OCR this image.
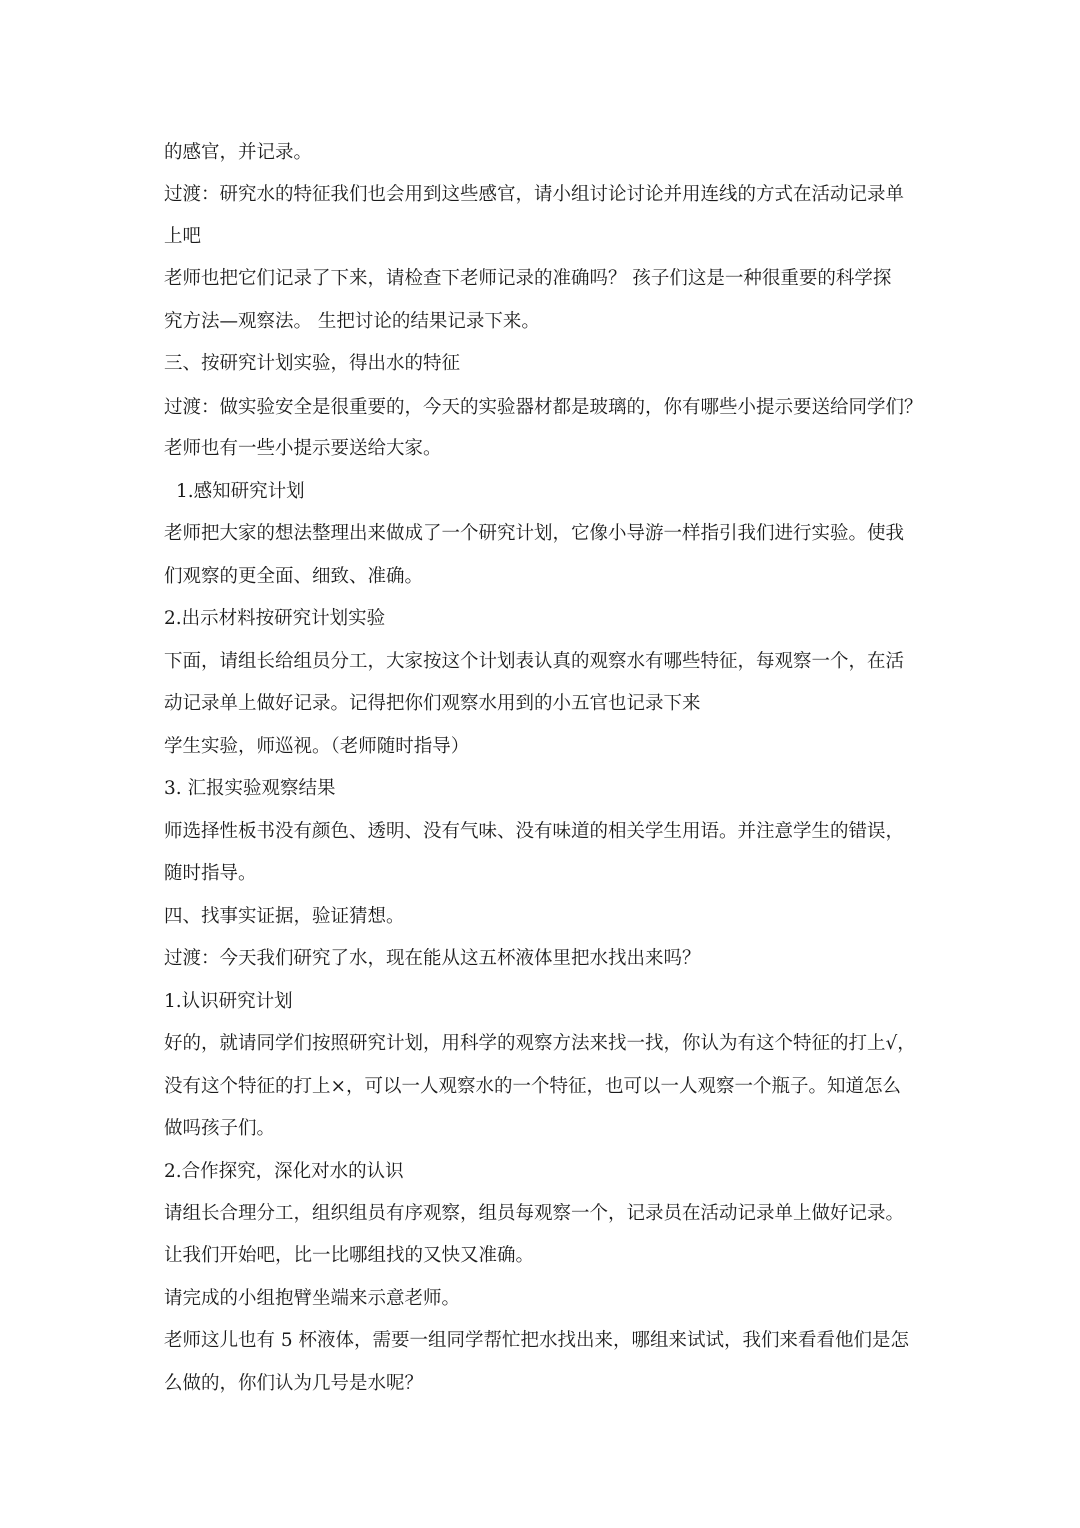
的感官，并记录。
过渡：研究水的特征我们也会用到这些感官，请小组讨论讨论并用连线的方式在活动记录单
上吧
老师也把它们记录了下来，请检查下老师记录的准确吗？ 孩子们这是一种很重要的科学探
究方法—观察法。 生把讨论的结果记录下来。
三、按研究计划实验，得出水的特征
过渡：做实验安全是很重要的，今天的实验器材都是玻璃的，你有哪些小提示要送给同学们？
老师也有一些小提示要送给大家。
1.感知研究计划
老师把大家的想法整理出来做成了一个研究计划，它像小导游一样指引我们进行实验。使我
们观察的更全面、细致、准确。
2.出示材料按研究计划实验
下面，请组长给组员分工，大家按这个计划表认真的观察水有哪些特征，每观察一个，在活
动记录单上做好记录。记得把你们观察水用到的小五官也记录下来
学生实验，师巡视。（老师随时指导）
3. 汇报实验观察结果
师选择性板书没有颜色、透明、没有气味、没有味道的相关学生用语。并注意学生的错误，
随时指导。
四、找事实证据，验证猜想。
过渡：今天我们研究了水，现在能从这五杯液体里把水找出来吗？
1.认识研究计划
好的，就请同学们按照研究计划，用科学的观察方法来找一找，你认为有这个特征的打上√，
没有这个特征的打上×，可以一人观察水的一个特征，也可以一人观察一个瓶子。知道怎么
做吗孩子们。
2.合作探究，深化对水的认识
请组长合理分工，组织组员有序观察，组员每观察一个，记录员在活动记录单上做好记录。
让我们开始吧，比一比哪组找的又快又准确。
请完成的小组抱臂坐端来示意老师。
老师这儿也有 5 杯液体，需要一组同学帮忙把水找出来，哪组来试试，我们来看看他们是怎
么做的，你们认为几号是水呢？
